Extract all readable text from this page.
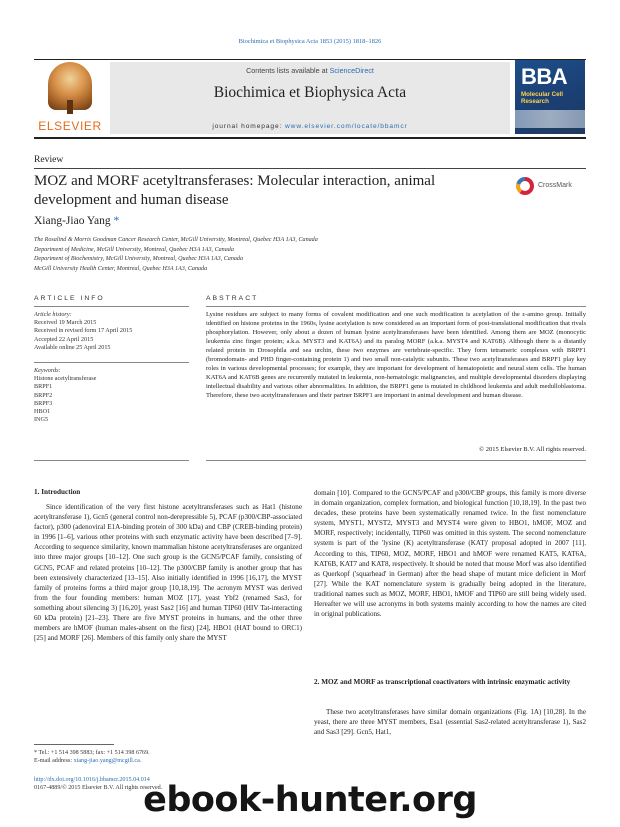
Biochimica et Biophysica Acta 1853 (2015) 1818–1826
ELSEVIER
Contents lists available at ScienceDirect
Biochimica et Biophysica Acta
journal homepage: www.elsevier.com/locate/bbamcr
BBA
Molecular Cell Research
Review
MOZ and MORF acetyltransferases: Molecular interaction, animal development and human disease
CrossMark
Xiang-Jiao Yang *
The Rosalind & Morris Goodman Cancer Research Center, McGill University, Montreal, Quebec H3A 1A3, Canada
Department of Medicine, McGill University, Montreal, Quebec H3A 1A3, Canada
Department of Biochemistry, McGill University, Montreal, Quebec H3A 1A3, Canada
McGill University Health Center, Montreal, Quebec H3A 1A3, Canada
ARTICLE INFO	ABSTRACT
Article history:
Received 19 March 2015
Received in revised form 17 April 2015
Accepted 22 April 2015
Available online 25 April 2015
Keywords:
Histone acetyltransferase
BRPF1
BRPF2
BRPF3
HBO1
ING5
Lysine residues are subject to many forms of covalent modification and one such modification is acetylation of the ε-amino group. Initially identified on histone proteins in the 1960s, lysine acetylation is now considered as an important form of post-translational modification that rivals phosphorylation. However, only about a dozen of human lysine acetyltransferases have been identified. Among them are MOZ (monocytic leukemia zinc finger protein; a.k.a. MYST3 and KAT6A) and its paralog MORF (a.k.a. MYST4 and KAT6B). Although there is a distantly related protein in Drosophila and sea urchin, these two enzymes are vertebrate-specific. They form tetrameric complexes with BRPF1 (bromodomain- and PHD finger-containing protein 1) and two small non-catalytic subunits. These two acetyltransferases and BRPF1 play key roles in various developmental processes; for example, they are important for development of hematopoietic and neural stem cells. The human KAT6A and KAT6B genes are recurrently mutated in leukemia, non-hematologic malignancies, and multiple developmental disorders displaying intellectual disability and various other abnormalities. In addition, the BRPF1 gene is mutated in childhood leukemia and adult medulloblastoma. Therefore, these two acetyltransferases and their partner BRPF1 are important in animal development and human disease.
© 2015 Elsevier B.V. All rights reserved.
1. Introduction
Since identification of the very first histone acetyltransferases such as Hat1 (histone acetyltransferase 1), Gcn5 (general control non-derepressible 5), PCAF (p300/CBP-associated factor), p300 (adenoviral E1A-binding protein of 300 kDa) and CBP (CREB-binding protein) in 1996 [1–6], various other proteins with such enzymatic activity have been described [7–9]. According to sequence similarity, known mammalian histone acetyltransferases are organized into three major groups [10–12]. One such group is the GCN5/PCAF family, consisting of GCN5, PCAF and related proteins [10–12]. The p300/CBP family is another group that has been extensively characterized [13–15]. Also initially identified in 1996 [16,17], the MYST family of proteins forms a third major group [10,18,19]. The acronym MYST was derived from the four founding members: human MOZ [17], yeast Ybf2 (renamed Sas3, for something about silencing 3) [16,20], yeast Sas2 [16] and human TIP60 (HIV Tat-interacting 60 kDa protein) [21–23]. There are five MYST proteins in humans, and the other three members are hMOF (human males-absent on the first) [24], HBO1 (HAT bound to ORC1) [25] and MORF [26]. Members of this family only share the MYST
domain [10]. Compared to the GCN5/PCAF and p300/CBP groups, this family is more diverse in domain organization, complex formation, and biological function [10,18,19]. In the past two decades, these proteins have been systematically renamed twice. In the first nomenclature system, MYST1, MYST2, MYST3 and MYST4 were given to HBO1, hMOF, MOZ and MORF, respectively; incidentally, TIP60 was omitted in this system. The second nomenclature system is part of the 'lysine (K) acetyltransferase (KAT)' proposal adopted in 2007 [11]. According to this, TIP60, MOZ, MORF, HBO1 and hMOF were renamed KAT5, KAT6A, KAT6B, KAT7 and KAT8, respectively. It should be noted that mouse Morf was also identified as Querkopf ('squarhead' in German) after the head shape of mutant mice deficient in Morf [27]. While the KAT nomenclature system is gradually being adopted in the literature, traditional names such as MOZ, MORF, HBO1, hMOF and TIP60 are still being widely used. Hereafter we will use acronyms in both systems mainly according to how the names are cited in original publications.
2. MOZ and MORF as transcriptional coactivators with intrinsic enzymatic activity
These two acetyltransferases have similar domain organizations (Fig. 1A) [10,28]. In the yeast, there are three MYST members, Esa1 (essential Sas2-related acetyltransferase 1), Sas2 and Sas3 [29]. Gcn5, Hat1,
* Tel.: +1 514 398 5883; fax: +1 514 398 6769.
E-mail address: xiang-jiao.yang@mcgill.ca.
http://dx.doi.org/10.1016/j.bbamcr.2015.04.014
0167-4889/© 2015 Elsevier B.V. All rights reserved.
ebook-hunter.org
